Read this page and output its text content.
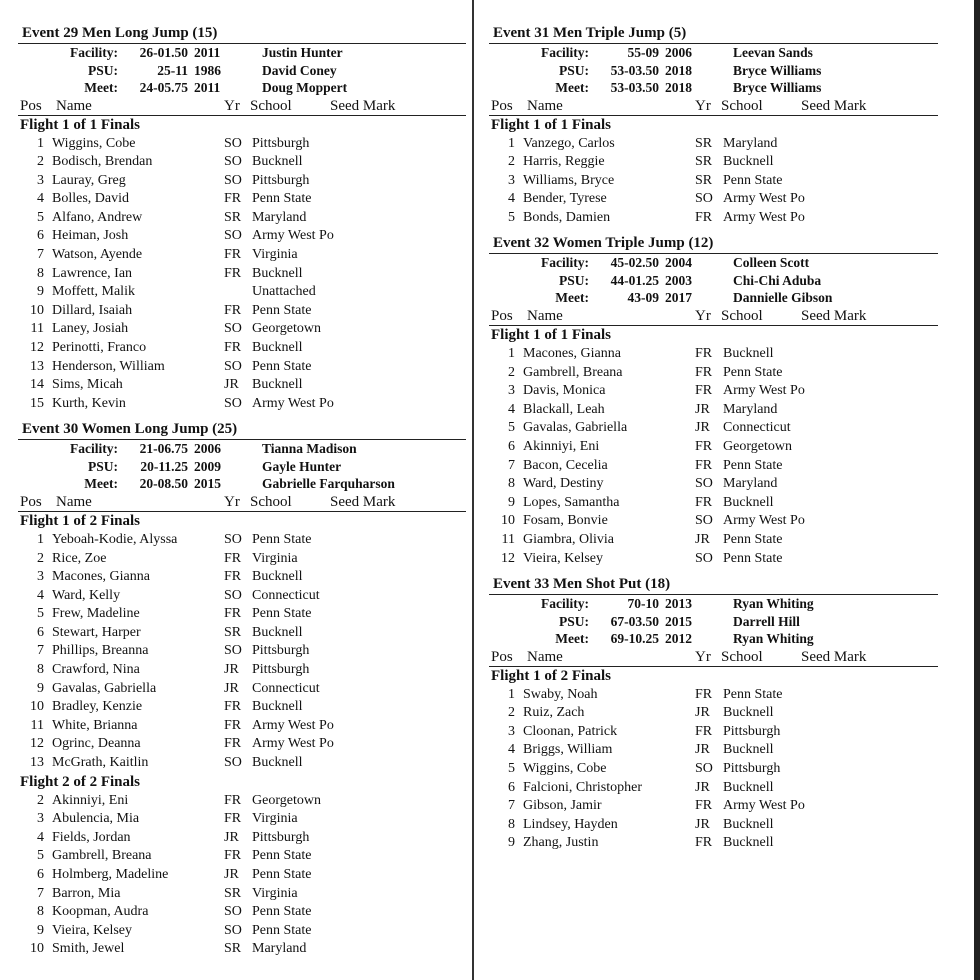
Event 29 Men Long Jump (15)
Facility:	26-01.50 2011	Justin Hunter
PSU:	25-11 1986	David Coney
Meet:	24-05.75 2011	Doug Moppert
Pos Name	Yr School	Seed Mark
Flight 1 of 1 Finals
1 Wiggins, Cobe	SO Pittsburgh
2 Bodisch, Brendan	SO Bucknell
3 Lauray, Greg	SO Pittsburgh
4 Bolles, David	FR Penn State
5 Alfano, Andrew	SR Maryland
6 Heiman, Josh	SO Army West Po
7 Watson, Ayende	FR Virginia
8 Lawrence, Ian	FR Bucknell
9 Moffett, Malik	Unattached
10 Dillard, Isaiah	FR Penn State
11 Laney, Josiah	SO Georgetown
12 Perinotti, Franco	FR Bucknell
13 Henderson, William	SO Penn State
14 Sims, Micah	JR Bucknell
15 Kurth, Kevin	SO Army West Po
Event 30 Women Long Jump (25)
Facility:	21-06.75 2006	Tianna Madison
PSU:	20-11.25 2009	Gayle Hunter
Meet:	20-08.50 2015	Gabrielle Farquharson
Pos Name	Yr School	Seed Mark
Flight 1 of 2 Finals
1 Yeboah-Kodie, Alyssa	SO Penn State
2 Rice, Zoe	FR Virginia
3 Macones, Gianna	FR Bucknell
4 Ward, Kelly	SO Connecticut
5 Frew, Madeline	FR Penn State
6 Stewart, Harper	SR Bucknell
7 Phillips, Breanna	SO Pittsburgh
8 Crawford, Nina	JR Pittsburgh
9 Gavalas, Gabriella	JR Connecticut
10 Bradley, Kenzie	FR Bucknell
11 White, Brianna	FR Army West Po
12 Ogrinc, Deanna	FR Army West Po
13 McGrath, Kaitlin	SO Bucknell
Flight 2 of 2 Finals
2 Akinniyi, Eni	FR Georgetown
3 Abulencia, Mia	FR Virginia
4 Fields, Jordan	JR Pittsburgh
5 Gambrell, Breana	FR Penn State
6 Holmberg, Madeline	JR Penn State
7 Barron, Mia	SR Virginia
8 Koopman, Audra	SO Penn State
9 Vieira, Kelsey	SO Penn State
10 Smith, Jewel	SR Maryland
Event 31 Men Triple Jump (5)
Facility:	55-09 2006	Leevan Sands
PSU:	53-03.50 2018	Bryce Williams
Meet:	53-03.50 2018	Bryce Williams
Pos Name	Yr School	Seed Mark
Flight 1 of 1 Finals
1 Vanzego, Carlos	SR Maryland
2 Harris, Reggie	SR Bucknell
3 Williams, Bryce	SR Penn State
4 Bender, Tyrese	SO Army West Po
5 Bonds, Damien	FR Army West Po
Event 32 Women Triple Jump (12)
Facility:	45-02.50 2004	Colleen Scott
PSU:	44-01.25 2003	Chi-Chi Aduba
Meet:	43-09 2017	Dannielle Gibson
Pos Name	Yr School	Seed Mark
Flight 1 of 1 Finals
1 Macones, Gianna	FR Bucknell
2 Gambrell, Breana	FR Penn State
3 Davis, Monica	FR Army West Po
4 Blackall, Leah	JR Maryland
5 Gavalas, Gabriella	JR Connecticut
6 Akinniyi, Eni	FR Georgetown
7 Bacon, Cecelia	FR Penn State
8 Ward, Destiny	SO Maryland
9 Lopes, Samantha	FR Bucknell
10 Fosam, Bonvie	SO Army West Po
11 Giambra, Olivia	JR Penn State
12 Vieira, Kelsey	SO Penn State
Event 33 Men Shot Put (18)
Facility:	70-10 2013	Ryan Whiting
PSU:	67-03.50 2015	Darrell Hill
Meet:	69-10.25 2012	Ryan Whiting
Pos Name	Yr School	Seed Mark
Flight 1 of 2 Finals
1 Swaby, Noah	FR Penn State
2 Ruiz, Zach	JR Bucknell
3 Cloonan, Patrick	FR Pittsburgh
4 Briggs, William	JR Bucknell
5 Wiggins, Cobe	SO Pittsburgh
6 Falcioni, Christopher	JR Bucknell
7 Gibson, Jamir	FR Army West Po
8 Lindsey, Hayden	JR Bucknell
9 Zhang, Justin	FR Bucknell
